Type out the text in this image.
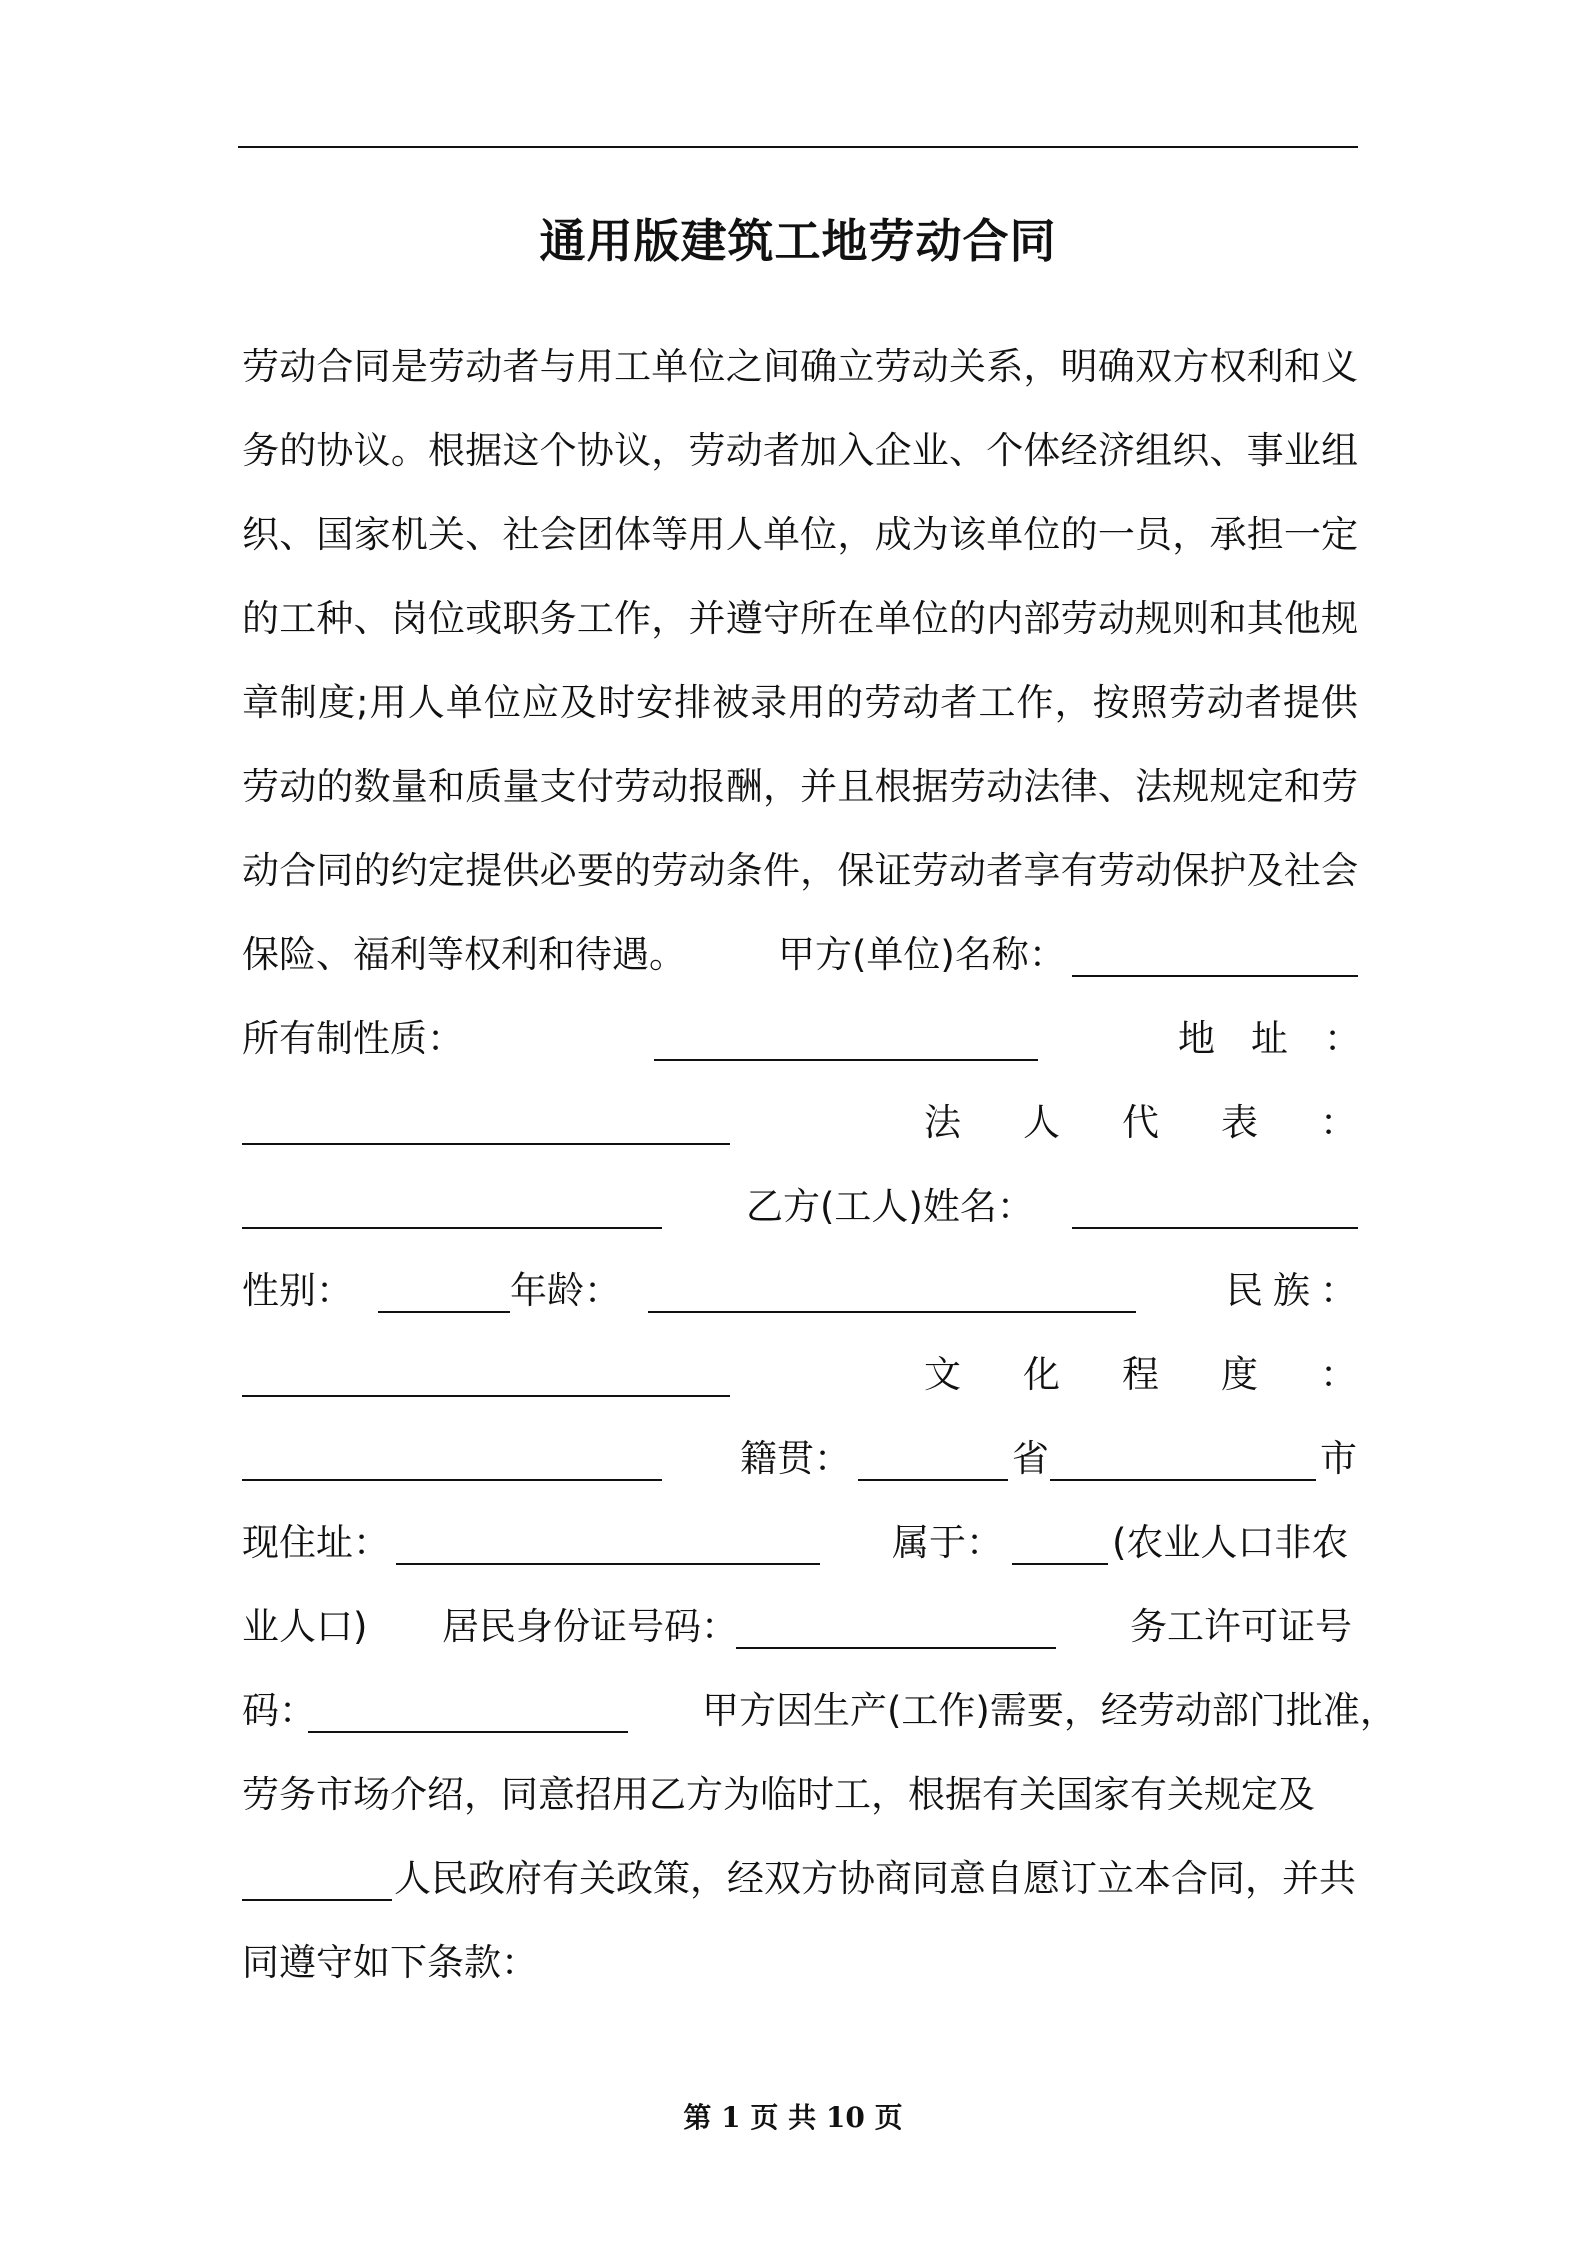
通用版建筑工地劳动合同
劳动合同是劳动者与用工单位之间确立劳动关系，明确双方权利和义
务的协议。根据这个协议，劳动者加入企业、个体经济组织、事业组
织、国家机关、社会团体等用人单位，成为该单位的一员，承担一定
的工种、岗位或职务工作，并遵守所在单位的内部劳动规则和其他规
章制度;用人单位应及时安排被录用的劳动者工作，按照劳动者提供
劳动的数量和质量支付劳动报酬，并且根据劳动法律、法规规定和劳
动合同的约定提供必要的劳动条件，保证劳动者享有劳动保护及社会
保险、福利等权利和待遇。 甲方(单位)名称：
所有制性质：	地址：
法人代表：
乙方(工人)姓名：
性别：	年龄：	民族：
文化程度：
籍贯：	省	市
现住址：	属于：	(农业人口非农
业人口) 居民身份证号码：	务工许可证号
码：	甲方因生产(工作)需要，经劳动部门批准，
劳务市场介绍，同意招用乙方为临时工，根据有关国家有关规定及
人民政府有关政策，经双方协商同意自愿订立本合同，并共
同遵守如下条款：
第 1 页 共 10 页
